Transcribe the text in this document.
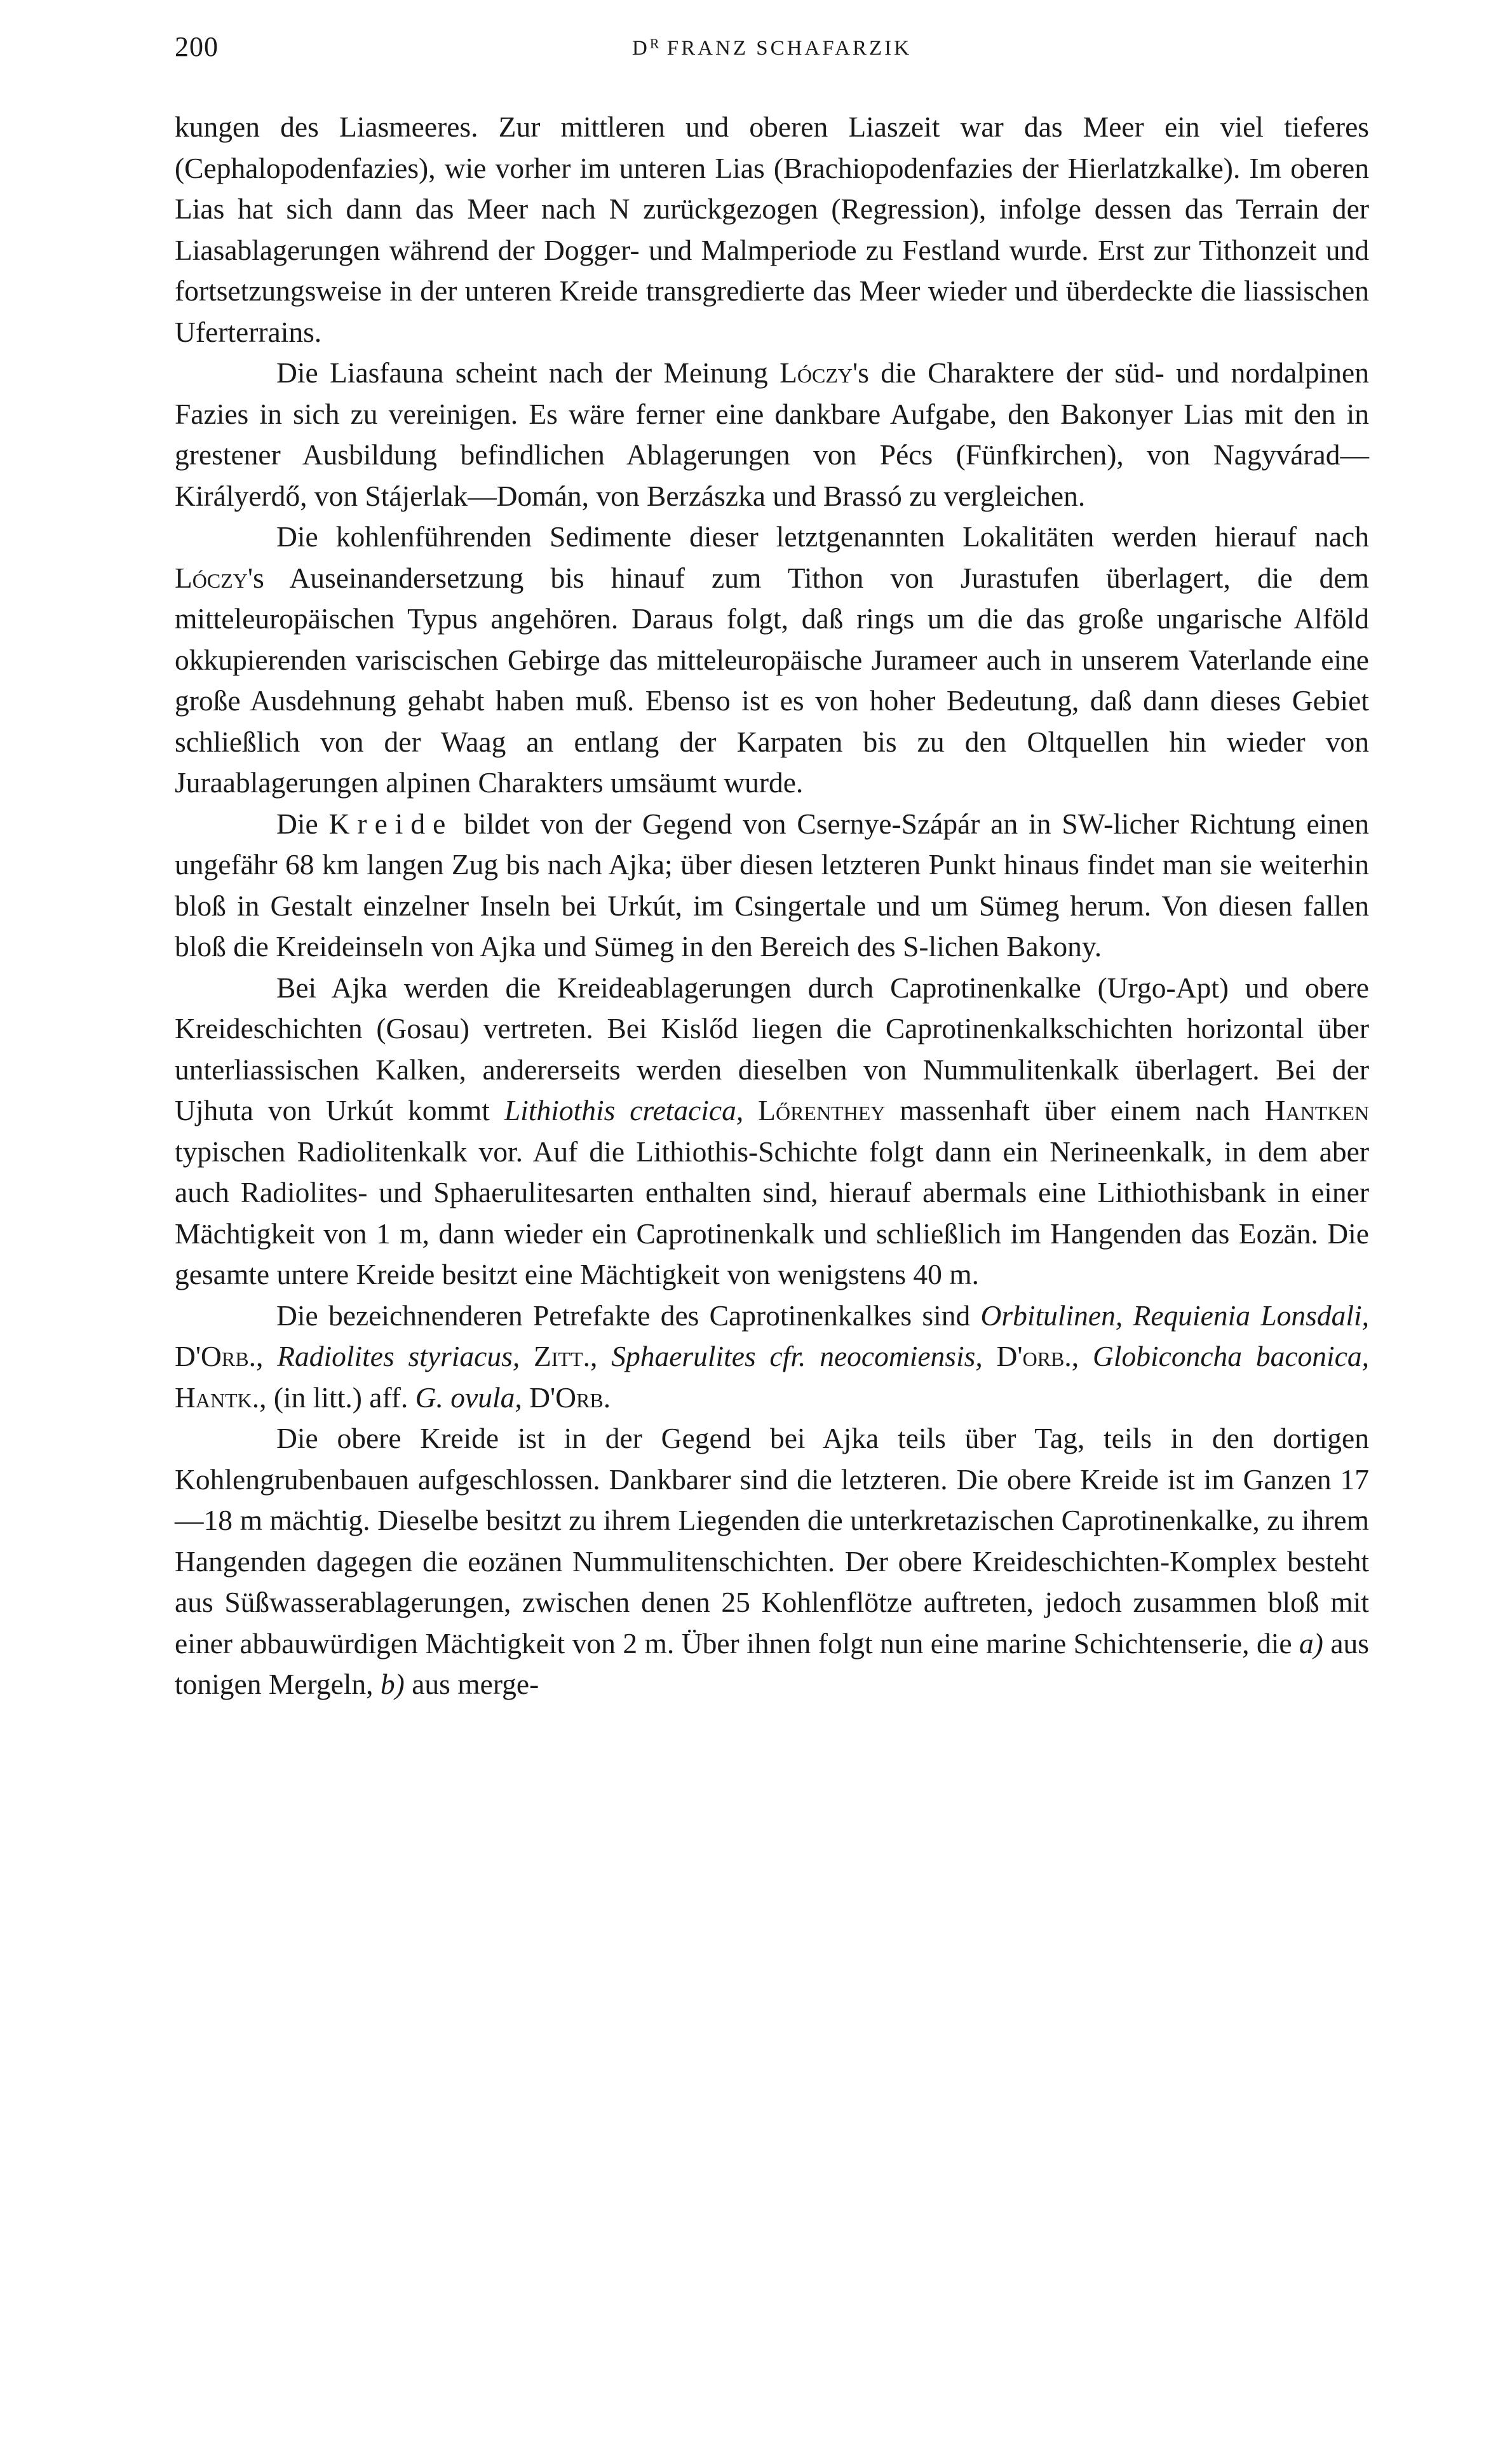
200	$D^R$ FRANZ SCHAFARZIK

kungen des Liasmeeres. Zur mittleren und oberen Liaszeit war das Meer ein viel tieferes (Cephalopodenfazies), wie vorher im unteren Lias (Brachiopodenfazies der Hierlatzkalke). Im oberen Lias hat sich dann das Meer nach N zurückgezogen (Regression), infolge dessen das Terrain der Liasablagerungen während der Dogger- und Malmperiode zu Festland wurde. Erst zur Tithonzeit und fortsetzungsweise in der unteren Kreide transgredierte das Meer wieder und überdeckte die liassischen Uferterrains.

Die Liasfauna scheint nach der Meinung Lóczy's die Charaktere der süd- und nordalpinen Fazies in sich zu vereinigen. Es wäre ferner eine dankbare Aufgabe, den Bakonyer Lias mit den in grestener Ausbildung befindlichen Ablagerungen von Pécs (Fünfkirchen), von Nagyvárad—Királyerdő, von Stájerlak—Domán, von Berzászka und Brassó zu vergleichen.

Die kohlenführenden Sedimente dieser letztgenannten Lokalitäten werden hierauf nach Lóczy's Auseinandersetzung bis hinauf zum Tithon von Jurastufen überlagert, die dem mitteleuropäischen Typus angehören. Daraus folgt, daß rings um die das große ungarische Alföld okkupierenden variscischen Gebirge das mitteleuropäische Jurameer auch in unserem Vaterlande eine große Ausdehnung gehabt haben muß. Ebenso ist es von hoher Bedeutung, daß dann dieses Gebiet schließlich von der Waag an entlang der Karpaten bis zu den Oltquellen hin wieder von Juraablagerungen alpinen Charakters umsäumt wurde.

Die Kreide bildet von der Gegend von Csernye-Szápár an in SW-licher Richtung einen ungefähr 68 km langen Zug bis nach Ajka; über diesen letzteren Punkt hinaus findet man sie weiterhin bloß in Gestalt einzelner Inseln bei Urkút, im Csingertale und um Sümeg herum. Von diesen fallen bloß die Kreideinseln von Ajka und Sümeg in den Bereich des S-lichen Bakony.

Bei Ajka werden die Kreideablagerungen durch Caprotinenkalke (Urgo-Apt) und obere Kreideschichten (Gosau) vertreten. Bei Kislőd liegen die Caprotinenkalkschichten horizontal über unterliassischen Kalken, andererseits werden dieselben von Nummulitenkalk überlagert. Bei der Ujhuta von Urkút kommt Lithiothis cretacica, Lőrenthey massenhaft über einem nach Hantken typischen Radiolitenkalk vor. Auf die Lithiothis-Schichte folgt dann ein Nerineenkalk, in dem aber auch Radiolites- und Sphaerulitesarten enthalten sind, hierauf abermals eine Lithiothisbank in einer Mächtigkeit von 1 m, dann wieder ein Caprotinenkalk und schließlich im Hangenden das Eozän. Die gesamte untere Kreide besitzt eine Mächtigkeit von wenigstens 40 m.

Die bezeichnenderen Petrefakte des Caprotinenkalkes sind Orbitulinen, Requienia Lonsdali, D'Orb., Radiolites styriacus, Zitt., Sphaerulites cfr. neocomiensis, D'orb., Globiconcha baconica, Hantk., (in litt.) aff. G. ovula, D'Orb.

Die obere Kreide ist in der Gegend bei Ajka teils über Tag, teils in den dortigen Kohlengrubenbauen aufgeschlossen. Dankbarer sind die letzteren. Die obere Kreide ist im Ganzen 17—18 m mächtig. Dieselbe besitzt zu ihrem Liegenden die unterkretazischen Caprotinenkalke, zu ihrem Hangenden dagegen die eozänen Nummulitenschichten. Der obere Kreideschichten-Komplex besteht aus Süßwasserablagerungen, zwischen denen 25 Kohlenflötze auftreten, jedoch zusammen bloß mit einer abbauwürdigen Mächtigkeit von 2 m. Über ihnen folgt nun eine marine Schichtenserie, die a) aus tonigen Mergeln, b) aus merge-
